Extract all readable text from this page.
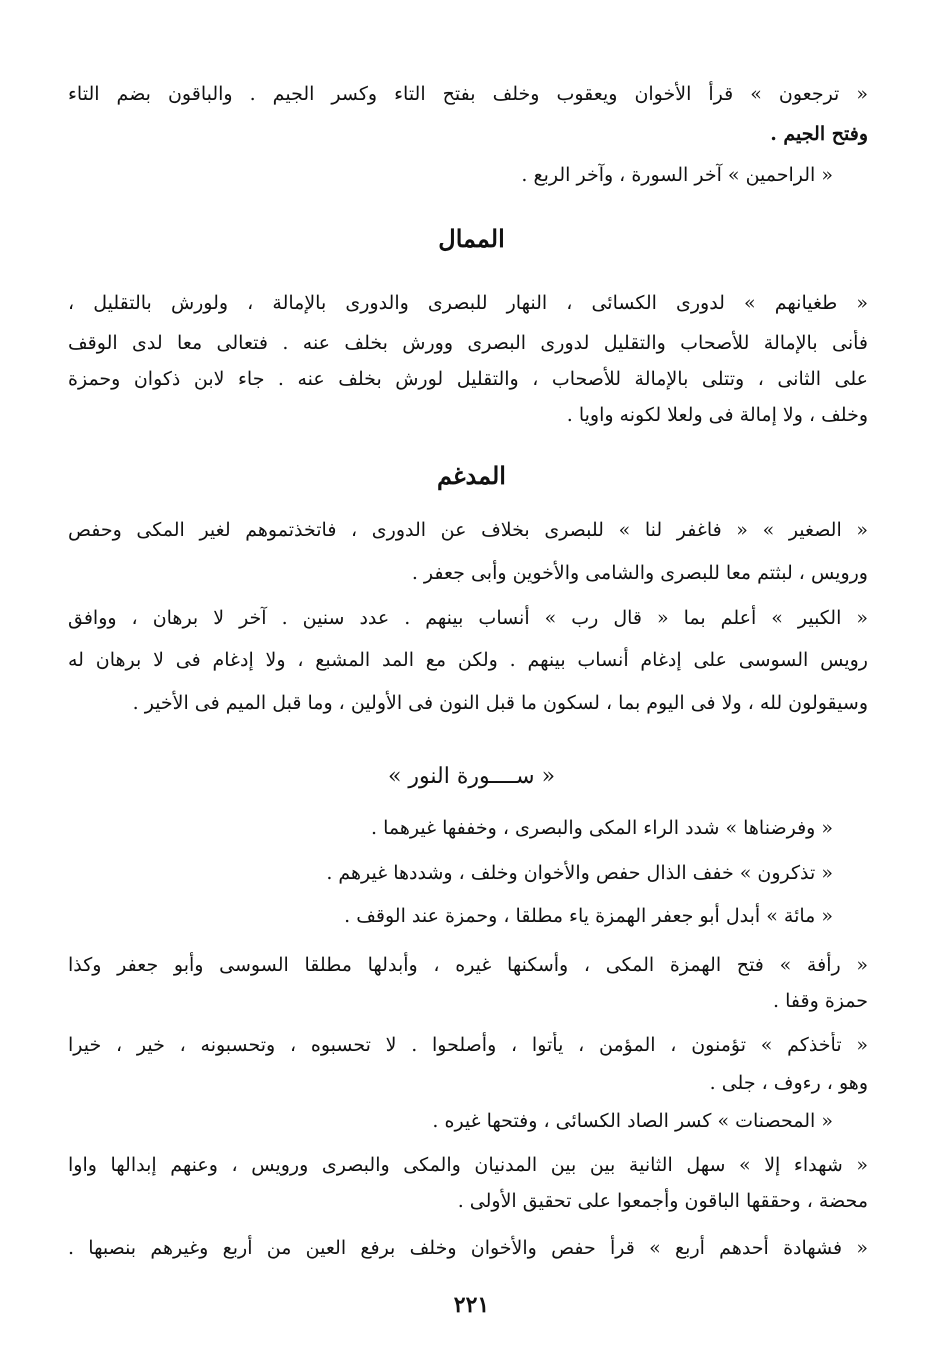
« ترجعون » قرأ الأخوان ويعقوب وخلف بفتح التاء وكسر الجيم . والباقون بضم التاء
وفتح الجيم .
« الراحمين » آخر السورة ، وآخر الربع .
الممال
« طغيانهم » لدورى الكسائى ، النهار للبصرى والدورى بالإمالة ، ولورش بالتقليل ،
فأنى بالإمالة للأصحاب والتقليل لدورى البصرى وورش بخلف عنه . فتعالى معا لدى الوقف
على الثانى ، وتتلى بالإمالة للأصحاب ، والتقليل لورش بخلف عنه . جاء لابن ذكوان وحمزة
وخلف ، ولا إمالة فى ولعلا لكونه واويا .
المدغم
« الصغير » « فاغفر لنا » للبصرى بخلاف عن الدورى ، فاتخذتموهم لغير المكى وحفص
ورويس ، لبثتم معا للبصرى والشامى والأخوين وأبى جعفر .
« الكبير » أعلم بما « قال رب » أنساب بينهم . عدد سنين . آخر لا برهان ، ووافق
رويس السوسى على إدغام أنساب بينهم . ولكن مع المد المشبع ، ولا إدغام فى لا برهان له
وسيقولون لله ، ولا فى اليوم بما ، لسكون ما قبل النون فى الأولين ، وما قبل الميم فى الأخير .
« ســــورة النور »
« وفرضناها » شدد الراء المكى والبصرى ، وخففها غيرهما .
« تذكرون » خفف الذال حفص والأخوان وخلف ، وشددها غيرهم .
« مائة » أبدل أبو جعفر الهمزة ياء مطلقا ، وحمزة عند الوقف .
« رأفة » فتح الهمزة المكى ، وأسكنها غيره ، وأبدلها مطلقا السوسى وأبو جعفر وكذا
حمزة وقفا .
« تأخذكم » تؤمنون ، المؤمن ، يأتوا ، وأصلحوا . لا تحسبوه ، وتحسبونه ، خير ، خيرا
وهو ، رءوف ، جلى .
« المحصنات » كسر الصاد الكسائى ، وفتحها غيره .
« شهداء إلا » سهل الثانية بين بين المدنيان والمكى والبصرى ورويس ، وعنهم إبدالها واوا
محضة ، وحققها الباقون وأجمعوا على تحقيق الأولى .
« فشهادة أحدهم أربع » قرأ حفص والأخوان وخلف برفع العين من أربع وغيرهم بنصبها .
٢٢١
